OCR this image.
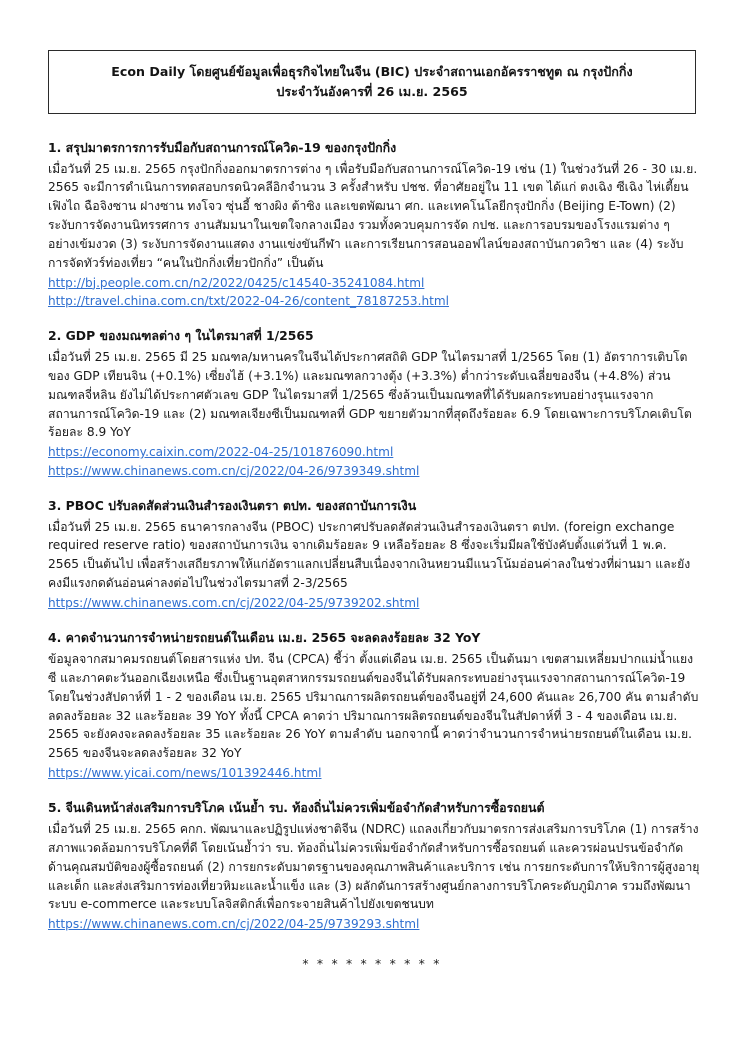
Econ Daily โดยศูนย์ข้อมูลเพื่อธุรกิจไทยในจีน (BIC) ประจำสถานเอกอัครราชทูต ณ กรุงปักกิ่ง
ประจำวันอังคารที่ 26 เม.ย. 2565
1. สรุปมาตรการการรับมือกับสถานการณ์โควิด-19 ของกรุงปักกิ่ง
เมื่อวันที่ 25 เม.ย. 2565 กรุงปักกิ่งออกมาตรการต่าง ๆ เพื่อรับมือกับสถานการณ์โควิด-19 เช่น (1) ในช่วงวันที่ 26 - 30 เม.ย. 2565 จะมีการดำเนินการทดสอบกรดนิวคลีอิกจำนวน 3 ครั้งสำหรับ ปชช. ที่อาศัยอยู่ใน 11 เขต ได้แก่ ตงเฉิง ซีเฉิง ไห่เตี้ยน เฟิงไถ ฉือจิงซาน ฝางซาน ทงโจว ซุ่นอี้ ชางผิง ต้าซิง และเขตพัฒนา ศก. และเทคโนโลยีกรุงปักกิ่ง (Beijing E-Town) (2) ระงับการจัดงานนิทรรศการ งานสัมมนาในเขตใจกลางเมือง รวมทั้งควบคุมการจัด กปช. และการอบรมของโรงแรมต่าง ๆ อย่างเข้มงวด (3) ระงับการจัดงานแสดง งานแข่งขันกีฬา และการเรียนการสอนออฟไลน์ของสถาบันกวดวิชา และ (4) ระงับการจัดทัวร์ท่องเที่ยว “คนในปักกิ่งเที่ยวปักกิ่ง” เป็นต้น
http://bj.people.com.cn/n2/2022/0425/c14540-35241084.html
http://travel.china.com.cn/txt/2022-04-26/content_78187253.html
2. GDP ของมณฑลต่าง ๆ ในไตรมาสที่ 1/2565
เมื่อวันที่ 25 เม.ย. 2565 มี 25 มณฑล/มหานครในจีนได้ประกาศสถิติ GDP ในไตรมาสที่ 1/2565 โดย (1) อัตราการเติบโตของ GDP เทียนจิน (+0.1%) เซี่ยงไฮ้ (+3.1%) และมณฑลกวางตุ้ง (+3.3%) ต่ำกว่าระดับเฉลี่ยของจีน (+4.8%) ส่วนมณฑลจี่หลิน ยังไม่ได้ประกาศตัวเลข GDP ในไตรมาสที่ 1/2565 ซึ่งล้วนเป็นมณฑลที่ได้รับผลกระทบอย่างรุนแรงจากสถานการณ์โควิด-19 และ (2) มณฑลเจียงซีเป็นมณฑลที่ GDP ขยายตัวมากที่สุดถึงร้อยละ 6.9 โดยเฉพาะการบริโภคเติบโตร้อยละ 8.9 YoY
https://economy.caixin.com/2022-04-25/101876090.html
https://www.chinanews.com.cn/cj/2022/04-26/9739349.shtml
3. PBOC ปรับลดสัดส่วนเงินสำรองเงินตรา ตปท. ของสถาบันการเงิน
เมื่อวันที่ 25 เม.ย. 2565 ธนาคารกลางจีน (PBOC) ประกาศปรับลดสัดส่วนเงินสำรองเงินตรา ตปท. (foreign exchange required reserve ratio) ของสถาบันการเงิน จากเดิมร้อยละ 9 เหลือร้อยละ 8 ซึ่งจะเริ่มมีผลใช้บังคับตั้งแต่วันที่ 1 พ.ค. 2565 เป็นต้นไป เพื่อสร้างเสถียรภาพให้แก่อัตราแลกเปลี่ยนสืบเนื่องจากเงินหยวนมีแนวโน้มอ่อนค่าลงในช่วงที่ผ่านมา และยังคงมีแรงกดดันอ่อนค่าลงต่อไปในช่วงไตรมาสที่ 2-3/2565
https://www.chinanews.com.cn/cj/2022/04-25/9739202.shtml
4. คาดจำนวนการจำหน่ายรถยนต์ในเดือน เม.ย. 2565 จะลดลงร้อยละ 32 YoY
ข้อมูลจากสมาคมรถยนต์โดยสารแห่ง ปท. จีน (CPCA) ชี้ว่า ตั้งแต่เดือน เม.ย. 2565 เป็นต้นมา เขตสามเหลี่ยมปากแม่น้ำแยงซี และภาคตะวันออกเฉียงเหนือ ซึ่งเป็นฐานอุตสาหกรรมรถยนต์ของจีนได้รับผลกระทบอย่างรุนแรงจากสถานการณ์โควิด-19 โดยในช่วงสัปดาห์ที่ 1 - 2 ของเดือน เม.ย. 2565 ปริมาณการผลิตรถยนต์ของจีนอยู่ที่ 24,600 คันและ 26,700 คัน ตามลำดับ ลดลงร้อยละ 32 และร้อยละ 39 YoY ทั้งนี้ CPCA คาดว่า ปริมาณการผลิตรถยนต์ของจีนในสัปดาห์ที่ 3 - 4 ของเดือน เม.ย. 2565 จะยังคงจะลดลงร้อยละ 35 และร้อยละ 26 YoY ตามลำดับ นอกจากนี้ คาดว่าจำนวนการจำหน่ายรถยนต์ในเดือน เม.ย. 2565 ของจีนจะลดลงร้อยละ 32 YoY
https://www.yicai.com/news/101392446.html
5. จีนเดินหน้าส่งเสริมการบริโภค เน้นย้ำ รบ. ท้องถิ่นไม่ควรเพิ่มข้อจำกัดสำหรับการซื้อรถยนต์
เมื่อวันที่ 25 เม.ย. 2565 คกก. พัฒนาและปฏิรูปแห่งชาติจีน (NDRC) แถลงเกี่ยวกับมาตรการส่งเสริมการบริโภค (1) การสร้างสภาพแวดล้อมการบริโภคที่ดี โดยเน้นย้ำว่า รบ. ท้องถิ่นไม่ควรเพิ่มข้อจำกัดสำหรับการซื้อรถยนต์ และควรผ่อนปรนข้อจำกัดด้านคุณสมบัติของผู้ซื้อรถยนต์ (2) การยกระดับมาตรฐานของคุณภาพสินค้าและบริการ เช่น การยกระดับการให้บริการผู้สูงอายุและเด็ก และส่งเสริมการท่องเที่ยวหิมะและน้ำแข็ง และ (3) ผลักดันการสร้างศูนย์กลางการบริโภคระดับภูมิภาค รวมถึงพัฒนาระบบ e-commerce และระบบโลจิสติกส์เพื่อกระจายสินค้าไปยังเขตชนบท
https://www.chinanews.com.cn/cj/2022/04-25/9739293.shtml
* * * * * * * * * *
